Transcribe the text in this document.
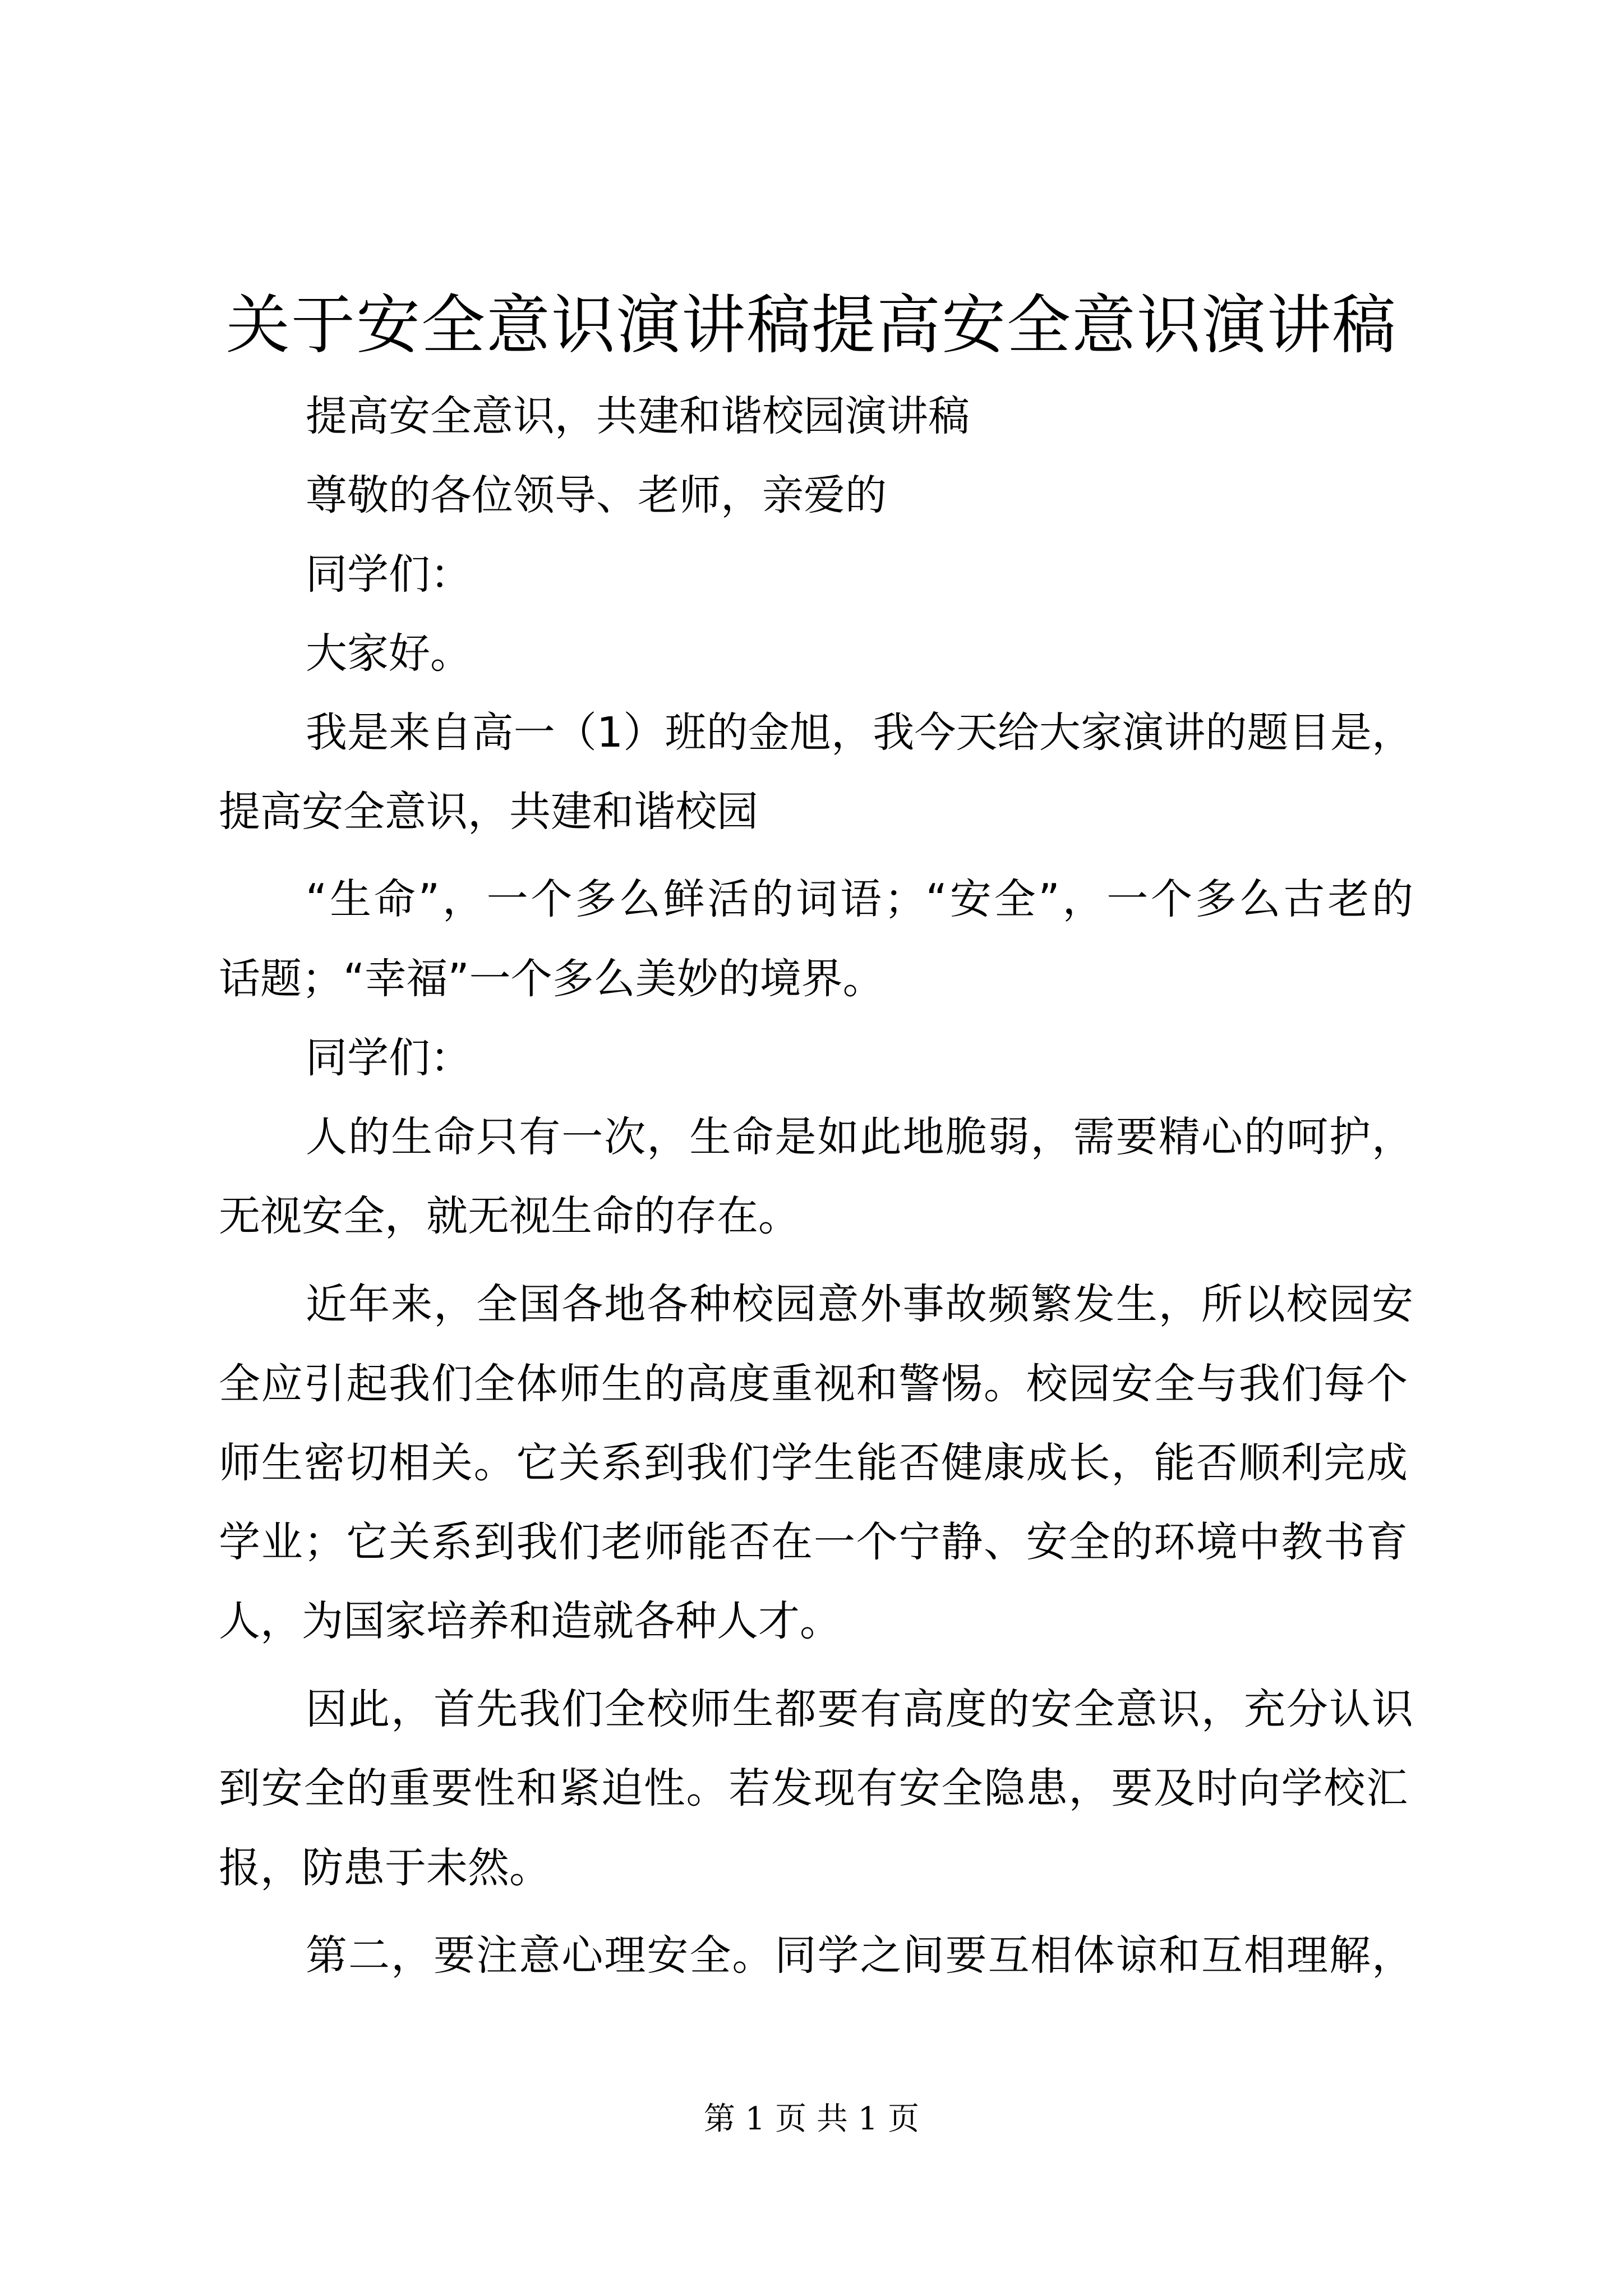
关于安全意识演讲稿提高安全意识演讲稿
提高安全意识，共建和谐校园演讲稿
尊敬的各位领导、老师，亲爱的
同学们：
大家好。
我是来自高一（1）班的金旭，我今天给大家演讲的题目是，
提高安全意识，共建和谐校园
“生命”，一个多么鲜活的词语；“安全”，一个多么古老的
话题；“幸福”一个多么美妙的境界。
同学们：
人的生命只有一次，生命是如此地脆弱，需要精心的呵护，
无视安全，就无视生命的存在。
近年来，全国各地各种校园意外事故频繁发生，所以校园安
全应引起我们全体师生的高度重视和警惕。校园安全与我们每个
师生密切相关。它关系到我们学生能否健康成长，能否顺利完成
学业；它关系到我们老师能否在一个宁静、安全的环境中教书育
人，为国家培养和造就各种人才。
因此，首先我们全校师生都要有高度的安全意识，充分认识
到安全的重要性和紧迫性。若发现有安全隐患，要及时向学校汇
报，防患于未然。
第二，要注意心理安全。同学之间要互相体谅和互相理解，
第 1 页 共 1 页
